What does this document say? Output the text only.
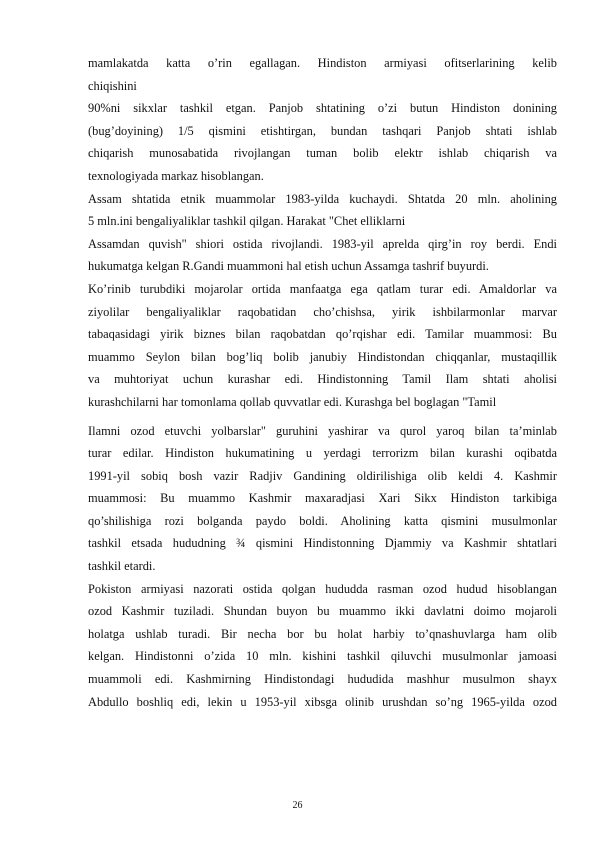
mamlakatda katta o’rin egallagan. Hindiston armiyasi ofitserlarining kelib
chiqishini
90%ni sikxlar tashkil etgan. Panjob shtatining o’zi butun Hindiston donining
(bug’doyining) 1/5 qismini etishtirgan, bundan tashqari Panjob shtati ishlab
chiqarish munosabatida rivojlangan tuman bolib elektr ishlab chiqarish va
texnologiyada markaz hisoblangan.
Assam shtatida etnik muammolar 1983-yilda kuchaydi. Shtatda 20 mln. aholining
5 mln.ini bengaliyaliklar tashkil qilgan. Harakat "Chet elliklarni
Assamdan quvish" shiori ostida rivojlandi. 1983-yil aprelda qirg’in roy berdi. Endi
hukumatga kelgan R.Gandi muammoni hal etish uchun Assamga tashrif buyurdi.
Ko’rinib turubdiki mojarolar ortida manfaatga ega qatlam turar edi. Amaldorlar va
ziyolilar bengaliyaliklar raqobatidan cho’chishsa, yirik ishbilarmonlar marvar
tabaqasidagi yirik biznes bilan raqobatdan qo’rqishar edi. Tamilar muammosi: Bu
muammo Seylon bilan bog’liq bolib janubiy Hindistondan chiqqanlar, mustaqillik
va muhtoriyat uchun kurashar edi. Hindistonning Tamil Ilam shtati aholisi
kurashchilarni har tomonlama qollab quvvatlar edi. Kurashga bel boglagan "Tamil
Ilamni ozod etuvchi yolbarslar" guruhini yashirar va qurol yaroq bilan ta’minlab
turar edilar. Hindiston hukumatining u yerdagi terrorizm bilan kurashi oqibatda
1991-yil sobiq bosh vazir Radjiv Gandining oldirilishiga olib keldi 4. Kashmir
muammosi: Bu muammo Kashmir maxaradjasi Xari Sikx Hindiston tarkibiga
qo’shilishiga rozi bolganda paydo boldi. Aholining katta qismini musulmonlar
tashkil etsada hududning ¾ qismini Hindistonning Djammiy va Kashmir shtatlari
tashkil etardi.
Pokiston armiyasi nazorati ostida qolgan hududda rasman ozod hudud hisoblangan
ozod Kashmir tuziladi. Shundan buyon bu muammo ikki davlatni doimo mojaroli
holatga ushlab turadi. Bir necha bor bu holat harbiy to’qnashuvlarga ham olib
kelgan. Hindistonni o’zida 10 mln. kishini tashkil qiluvchi musulmonlar jamoasi
muammoli edi. Kashmirning Hindistondagi hududida mashhur musulmon shayx
Abdullo boshliq edi, lekin u 1953-yil xibsga olinib urushdan so’ng 1965-yilda ozod
26
